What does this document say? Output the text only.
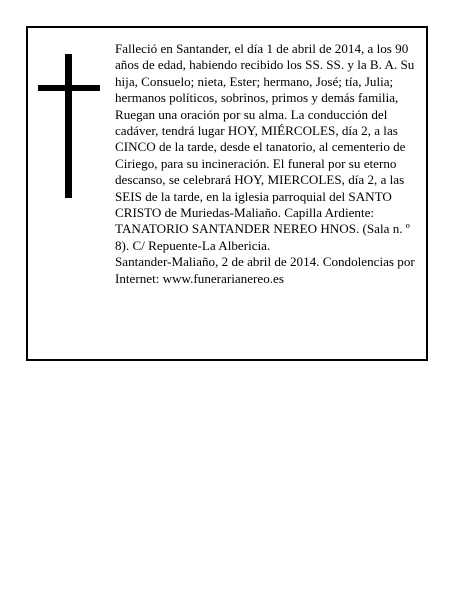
Falleció en Santander, el día 1 de abril de 2014, a los 90 años de edad, habiendo recibido los SS. SS. y la B. A. Su hija, Consuelo; nieta, Ester; hermano, José; tía, Julia; hermanos políticos, sobrinos, primos y demás familia,

Ruegan una oración por su alma. La conducción del cadáver, tendrá lugar HOY, MIÉRCOLES, día 2, a las CINCO de la tarde, desde el tanatorio, al cementerio de Ciriego, para su incineración. El funeral por su eterno descanso, se celebrará HOY, MIERCOLES, día 2, a las SEIS de la tarde, en la iglesia parroquial del SANTO CRISTO de Muriedas-Maliaño. Capilla Ardiente: TANATORIO SANTANDER NEREO HNOS. (Sala n. º 8). C/ Repuente-La Albericia.

Santander-Maliaño, 2 de abril de 2014. Condolencias por Internet: www.funerarianereo.es
